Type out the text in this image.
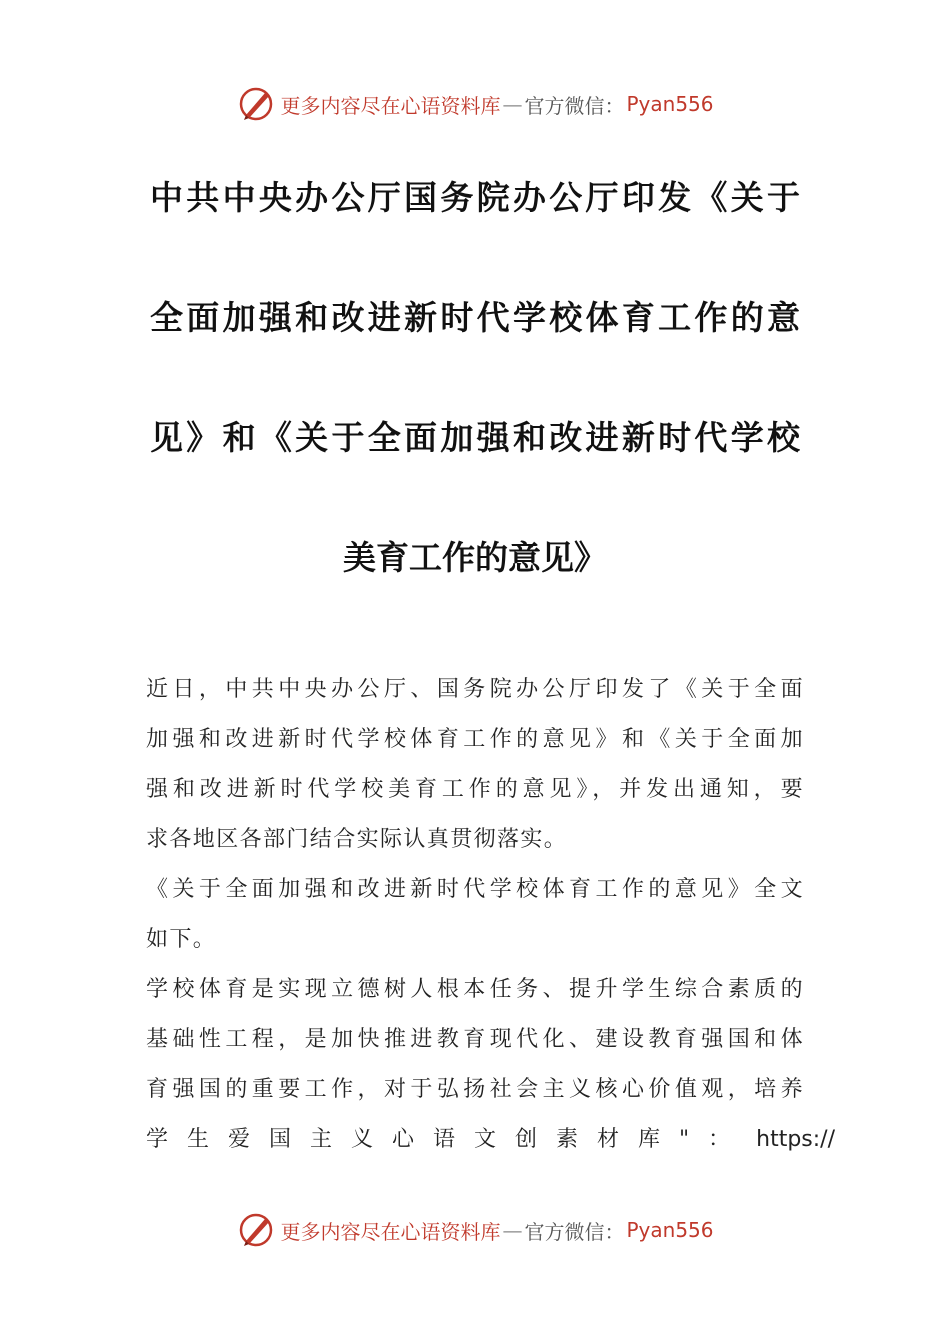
更多内容尽在心语资料库 — 官方微信： Pyan556
中共中央办公厅国务院办公厅印发《关于
全面加强和改进新时代学校体育工作的意
见》和《关于全面加强和改进新时代学校
美育工作的意见》
近日，中共中央办公厅、国务院办公厅印发了《关于全面
加强和改进新时代学校体育工作的意见》和《关于全面加
强和改进新时代学校美育工作的意见》，并发出通知，要
求各地区各部门结合实际认真贯彻落实。
《关于全面加强和改进新时代学校体育工作的意见》全文
如下。
学校体育是实现立德树人根本任务、提升学生综合素质的
基础性工程，是加快推进教育现代化、建设教育强国和体
育强国的重要工作，对于弘扬社会主义核心价值观，培养
学生爱国主义心语文创素材库"： https://
更多内容尽在心语资料库 — 官方微信： Pyan556
